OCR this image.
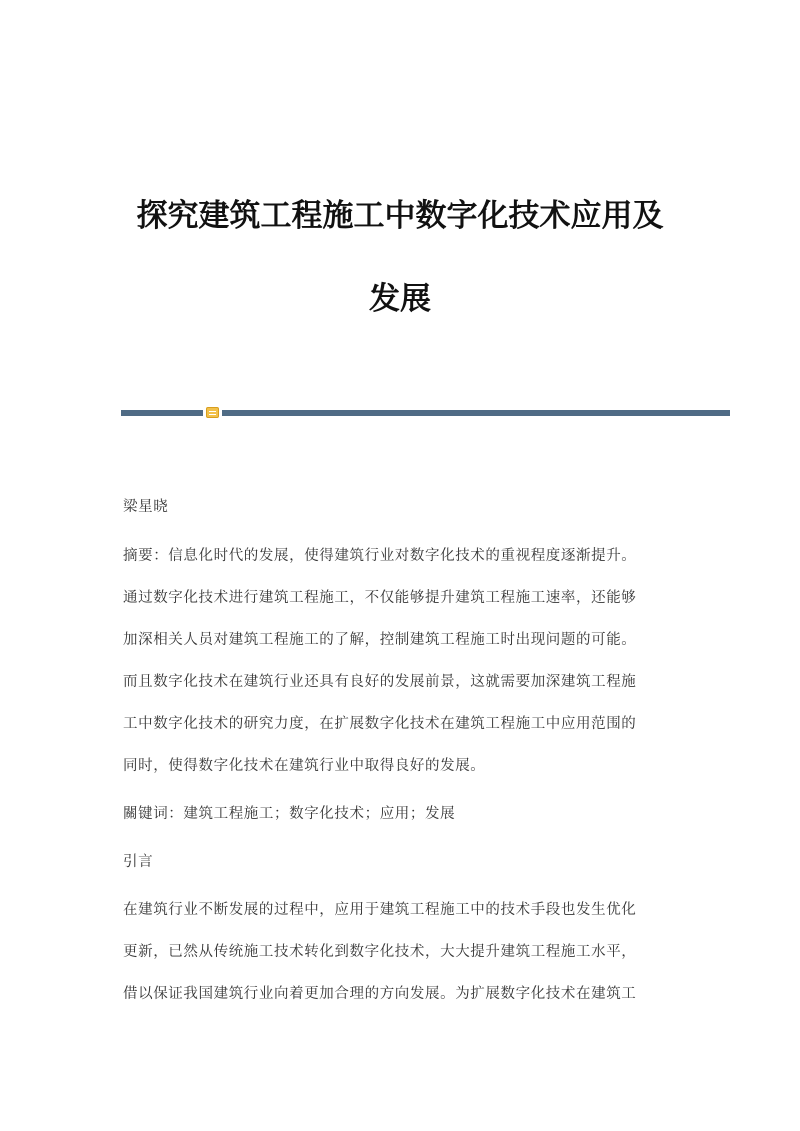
探究建筑工程施工中数字化技术应用及
发展
梁星晓
摘要：信息化时代的发展，使得建筑行业对数字化技术的重视程度逐渐提升。
通过数字化技术进行建筑工程施工，不仅能够提升建筑工程施工速率，还能够
加深相关人员对建筑工程施工的了解，控制建筑工程施工时出现问题的可能。
而且数字化技术在建筑行业还具有良好的发展前景，这就需要加深建筑工程施
工中数字化技术的研究力度，在扩展数字化技术在建筑工程施工中应用范围的
同时，使得数字化技术在建筑行业中取得良好的发展。
關键词：建筑工程施工；数字化技术；应用；发展
引言
在建筑行业不断发展的过程中，应用于建筑工程施工中的技术手段也发生优化
更新，已然从传统施工技术转化到数字化技术，大大提升建筑工程施工水平，
借以保证我国建筑行业向着更加合理的方向发展。为扩展数字化技术在建筑工
